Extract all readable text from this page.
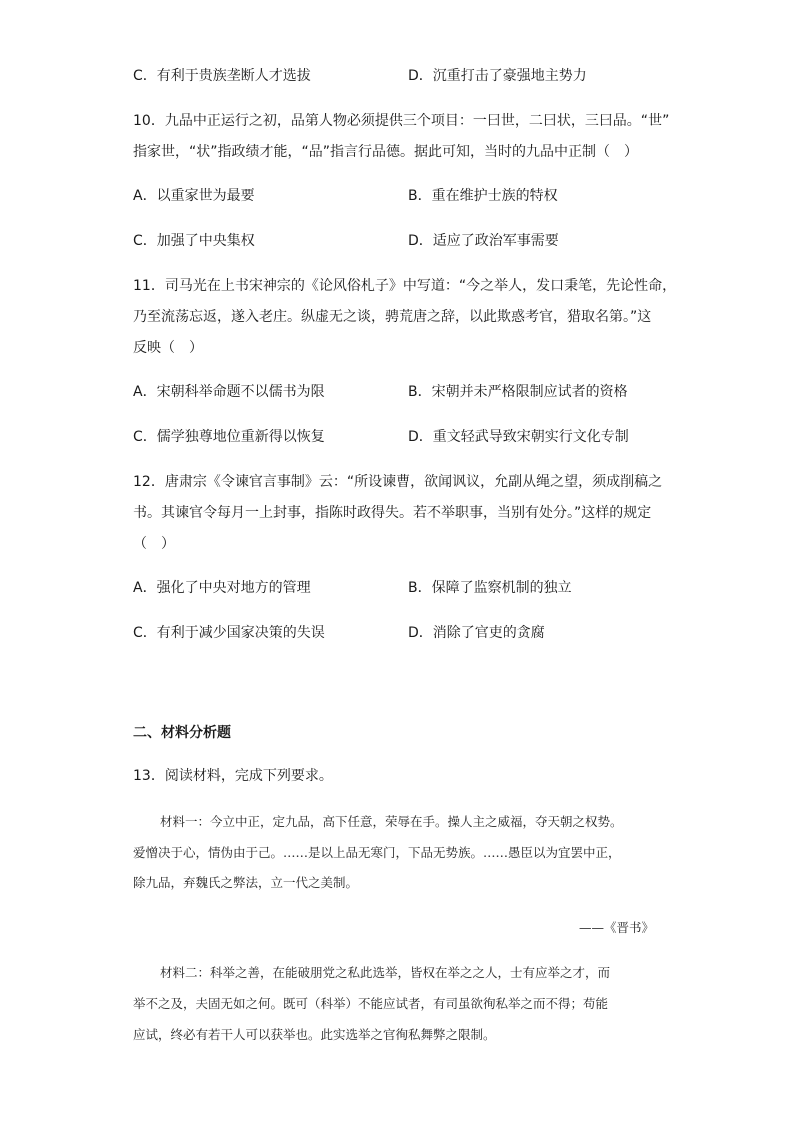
C．有利于贵族垄断人才选拔	D．沉重打击了豪强地主势力
10．九品中正运行之初，品第人物必须提供三个项目：一曰世，二曰状，三曰品。“世”
指家世，“状”指政绩才能，“品”指言行品德。据此可知，当时的九品中正制（　）
A．以重家世为最要	B．重在维护士族的特权
C．加强了中央集权	D．适应了政治军事需要
11．司马光在上书宋神宗的《论风俗札子》中写道：“今之举人，发口秉笔，先论性命，
乃至流荡忘返，遂入老庄。纵虚无之谈，骋荒唐之辞，以此欺惑考官，猎取名第。”这
反映（　）
A．宋朝科举命题不以儒书为限	B．宋朝并未严格限制应试者的资格
C．儒学独尊地位重新得以恢复	D．重文轻武导致宋朝实行文化专制
12．唐肃宗《令谏官言事制》云：“所设谏曹，欲闻讽议，允副从绳之望，须成削稿之
书。其谏官令每月一上封事，指陈时政得失。若不举职事，当别有处分。”这样的规定
（　）
A．强化了中央对地方的管理	B．保障了监察机制的独立
C．有利于减少国家决策的失误	D．消除了官吏的贪腐
二、材料分析题
13．阅读材料，完成下列要求。
材料一：今立中正，定九品，高下任意，荣辱在手。操人主之威福，夺天朝之权势。
爱憎决于心，情伪由于己。……是以上品无寒门，下品无势族。……愚臣以为宜罢中正，
除九品，弃魏氏之弊法，立一代之美制。
——《晋书》
材料二：科举之善，在能破朋党之私此选举，皆权在举之之人，士有应举之才，而
举不之及，夫固无如之何。既可（科举）不能应试者，有司虽欲徇私举之而不得；苟能
应试，终必有若干人可以获举也。此实选举之官徇私舞弊之限制。
